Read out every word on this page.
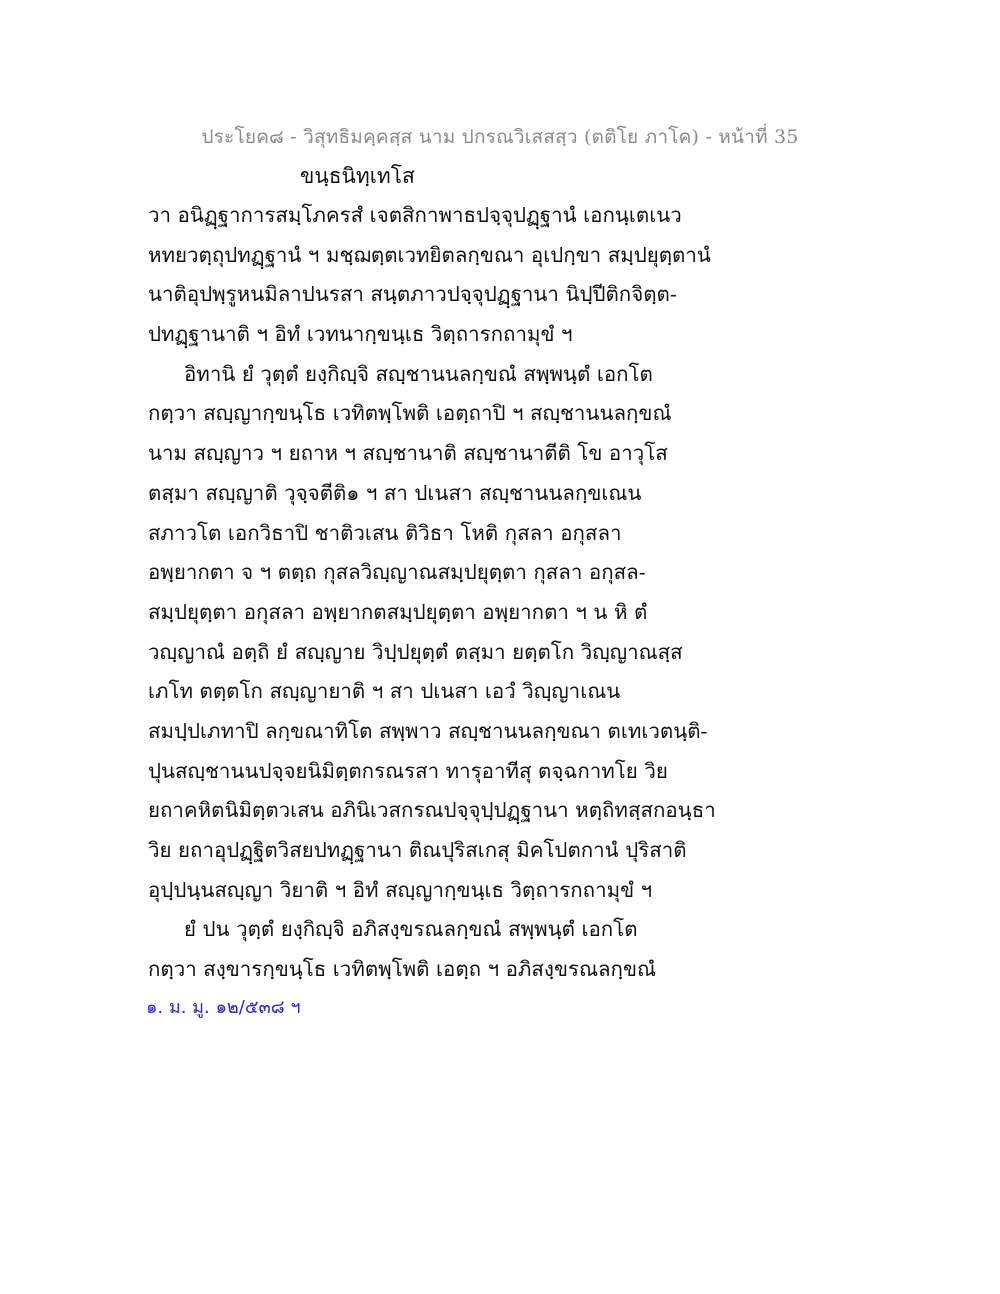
ประโยค๘ - วิสุทธิมคฺคสฺส นาม ปกรณวิเสสสฺว (ตติโย ภาโค) - หน้าที่ 35
ขนฺธนิทฺเทโส
วา อนิฏฺฐาการสมฺโภครสํ เจตสิกาพาธปจฺจุปฏฺฐานํ เอกนฺเตเนว
หทยวตฺถุปทฏฺฐานํ ฯ มชฺฌตฺตเวทยิตลกฺขณา อุเปกฺขา สมฺปยุตฺตานํ
นาติอุปพฺรูหนมิลาปนรสา สนฺตภาวปจฺจุปฏฺฐานา นิปฺปีติกจิตฺต-
ปทฏฺฐานาติ ฯ อิทํ เวทนากฺขนฺเธ วิตฺถารกถามุขํ ฯ
อิทานิ ยํ วุตฺตํ ยงฺกิญฺจิ สญฺชานนลกฺขณํ สพฺพนฺตํ เอกโต
กตฺวา สญฺญากฺขนฺโธ เวทิตพฺโพติ เอตฺถาปิ ฯ สญฺชานนลกฺขณํ
นาม สญฺญาว ฯ ยถาห ฯ สญฺชานาติ สญฺชานาตีติ โข อาวุโส
ตสฺมา สญฺญาติ วุจฺจตีติ๑ ฯ สา ปเนสา สญฺชานนลกฺขเณน
สภาวโต เอกวิธาปิ ชาติวเสน ติวิธา โหติ กุสลา อกุสลา
อพฺยากตา จ ฯ ตตฺถ กุสลวิญฺญาณสมฺปยุตฺตา กุสลา อกุสล-
สมฺปยุตฺตา อกุสลา อพฺยากตสมฺปยุตฺตา อพฺยากตา ฯ น หิ ตํ
วญฺญาณํ อตฺถิ ยํ สญฺญาย วิปฺปยุตฺตํ ตสฺมา ยตฺตโก วิญฺญาณสฺส
เภโท ตตฺตโก สญฺญายาติ ฯ สา ปเนสา เอวํ วิญฺญาเณน
สมปฺปเภทาปิ ลกฺขณาทิโต สพฺพาว สญฺชานนลกฺขณา ตเทเวตนฺติ-
ปุนสญฺชานนปจฺจยนิมิตฺตกรณรสา ทารุอาทีสุ ตจฺฉกาทโย วิย
ยถาคหิตนิมิตฺตวเสน อภินิเวสกรณปจฺจุปฺปฏฺฐานา หตฺถิทสฺสกอนฺธา
วิย ยถาอุปฏฺฐิตวิสยปทฏฺฐานา ติณปุริสเกสุ มิคโปตกานํ ปุริสาติ
อุปฺปนฺนสญฺญา วิยาติ ฯ อิทํ สญฺญากฺขนฺเธ วิตฺถารกถามุขํ ฯ
ยํ ปน วุตฺตํ ยงฺกิญฺจิ อภิสงฺขรณลกฺขณํ สพฺพนฺตํ เอกโต
กตฺวา สงฺขารกฺขนฺโธ เวทิตพฺโพติ เอตฺถ ฯ อภิสงฺขรณลกฺขณํ
๑. ม. มู. ๑๒/๕๓๘ ฯ
